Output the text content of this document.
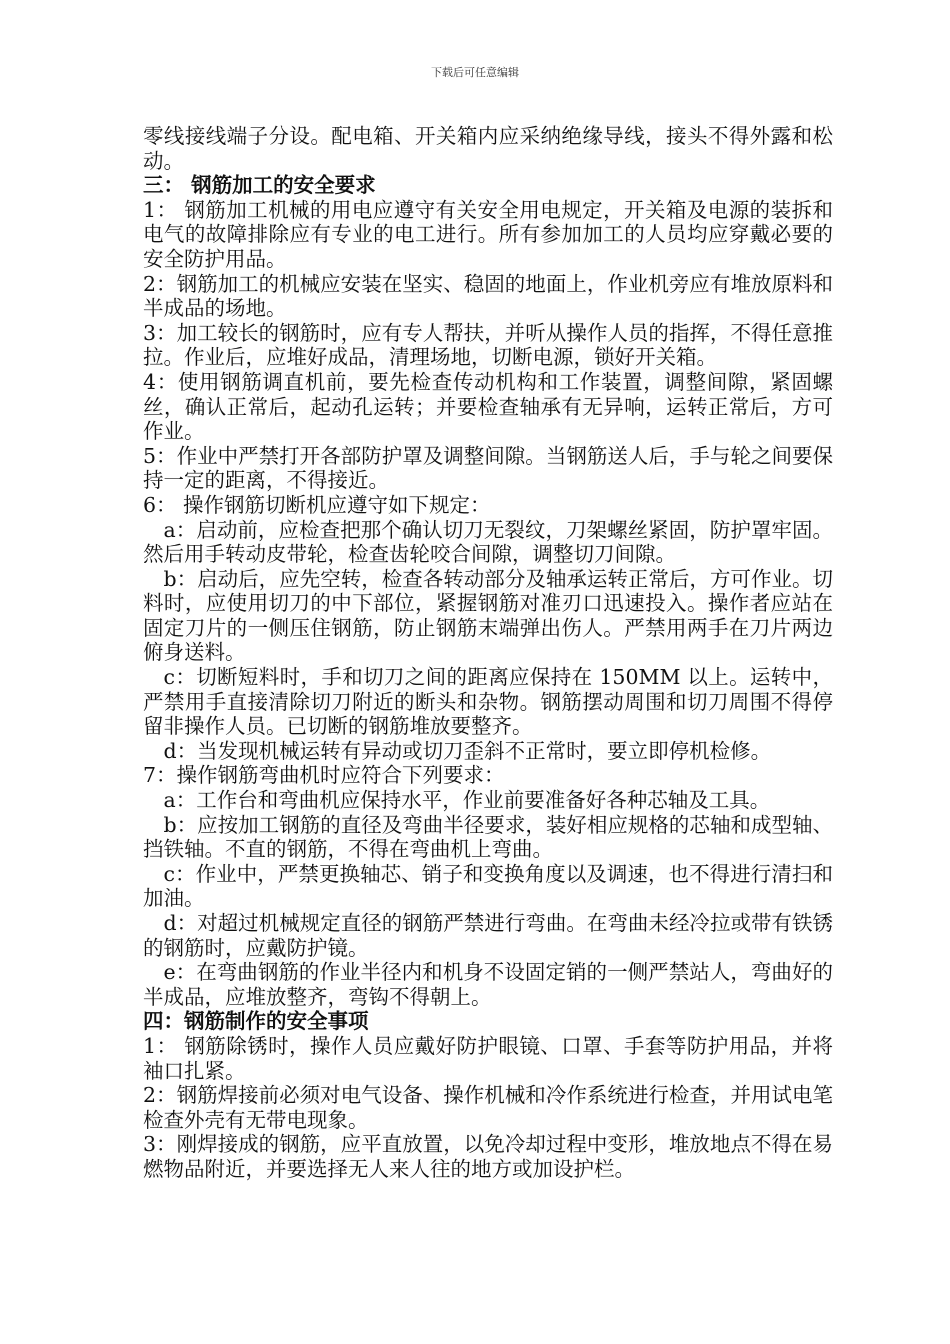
下载后可任意编辑

零线接线端子分设。配电箱、开关箱内应采纳绝缘导线，接头不得外露和松动。

三： 钢筋加工的安全要求

1： 钢筋加工机械的用电应遵守有关安全用电规定，开关箱及电源的装拆和电气的故障排除应有专业的电工进行。所有参加加工的人员均应穿戴必要的安全防护用品。

2：钢筋加工的机械应安装在坚实、稳固的地面上，作业机旁应有堆放原料和半成品的场地。

3：加工较长的钢筋时，应有专人帮扶，并听从操作人员的指挥，不得任意推拉。作业后，应堆好成品，清理场地，切断电源，锁好开关箱。

4：使用钢筋调直机前，要先检查传动机构和工作装置，调整间隙，紧固螺丝，确认正常后，起动孔运转；并要检查轴承有无异响，运转正常后，方可作业。

5：作业中严禁打开各部防护罩及调整间隙。当钢筋送人后，手与轮之间要保持一定的距离，不得接近。

6： 操作钢筋切断机应遵守如下规定：

a：启动前，应检查把那个确认切刀无裂纹，刀架螺丝紧固，防护罩牢固。然后用手转动皮带轮，检查齿轮咬合间隙，调整切刀间隙。

b：启动后，应先空转，检查各转动部分及轴承运转正常后，方可作业。切料时，应使用切刀的中下部位，紧握钢筋对准刃口迅速投入。操作者应站在固定刀片的一侧压住钢筋，防止钢筋末端弹出伤人。严禁用两手在刀片两边俯身送料。

c：切断短料时，手和切刀之间的距离应保持在 150MM 以上。运转中，严禁用手直接清除切刀附近的断头和杂物。钢筋摆动周围和切刀周围不得停留非操作人员。已切断的钢筋堆放要整齐。

d：当发现机械运转有异动或切刀歪斜不正常时，要立即停机检修。

7：操作钢筋弯曲机时应符合下列要求：

a：工作台和弯曲机应保持水平，作业前要准备好各种芯轴及工具。

b：应按加工钢筋的直径及弯曲半径要求，装好相应规格的芯轴和成型轴、挡铁轴。不直的钢筋，不得在弯曲机上弯曲。

c：作业中，严禁更换轴芯、销子和变换角度以及调速，也不得进行清扫和加油。

d：对超过机械规定直径的钢筋严禁进行弯曲。在弯曲未经冷拉或带有铁锈的钢筋时，应戴防护镜。

e：在弯曲钢筋的作业半径内和机身不设固定销的一侧严禁站人，弯曲好的半成品，应堆放整齐，弯钩不得朝上。

四：钢筋制作的安全事项

1： 钢筋除锈时，操作人员应戴好防护眼镜、口罩、手套等防护用品，并将袖口扎紧。

2：钢筋焊接前必须对电气设备、操作机械和冷作系统进行检查，并用试电笔检查外壳有无带电现象。

3：刚焊接成的钢筋，应平直放置，以免冷却过程中变形，堆放地点不得在易燃物品附近，并要选择无人来人往的地方或加设护栏。
